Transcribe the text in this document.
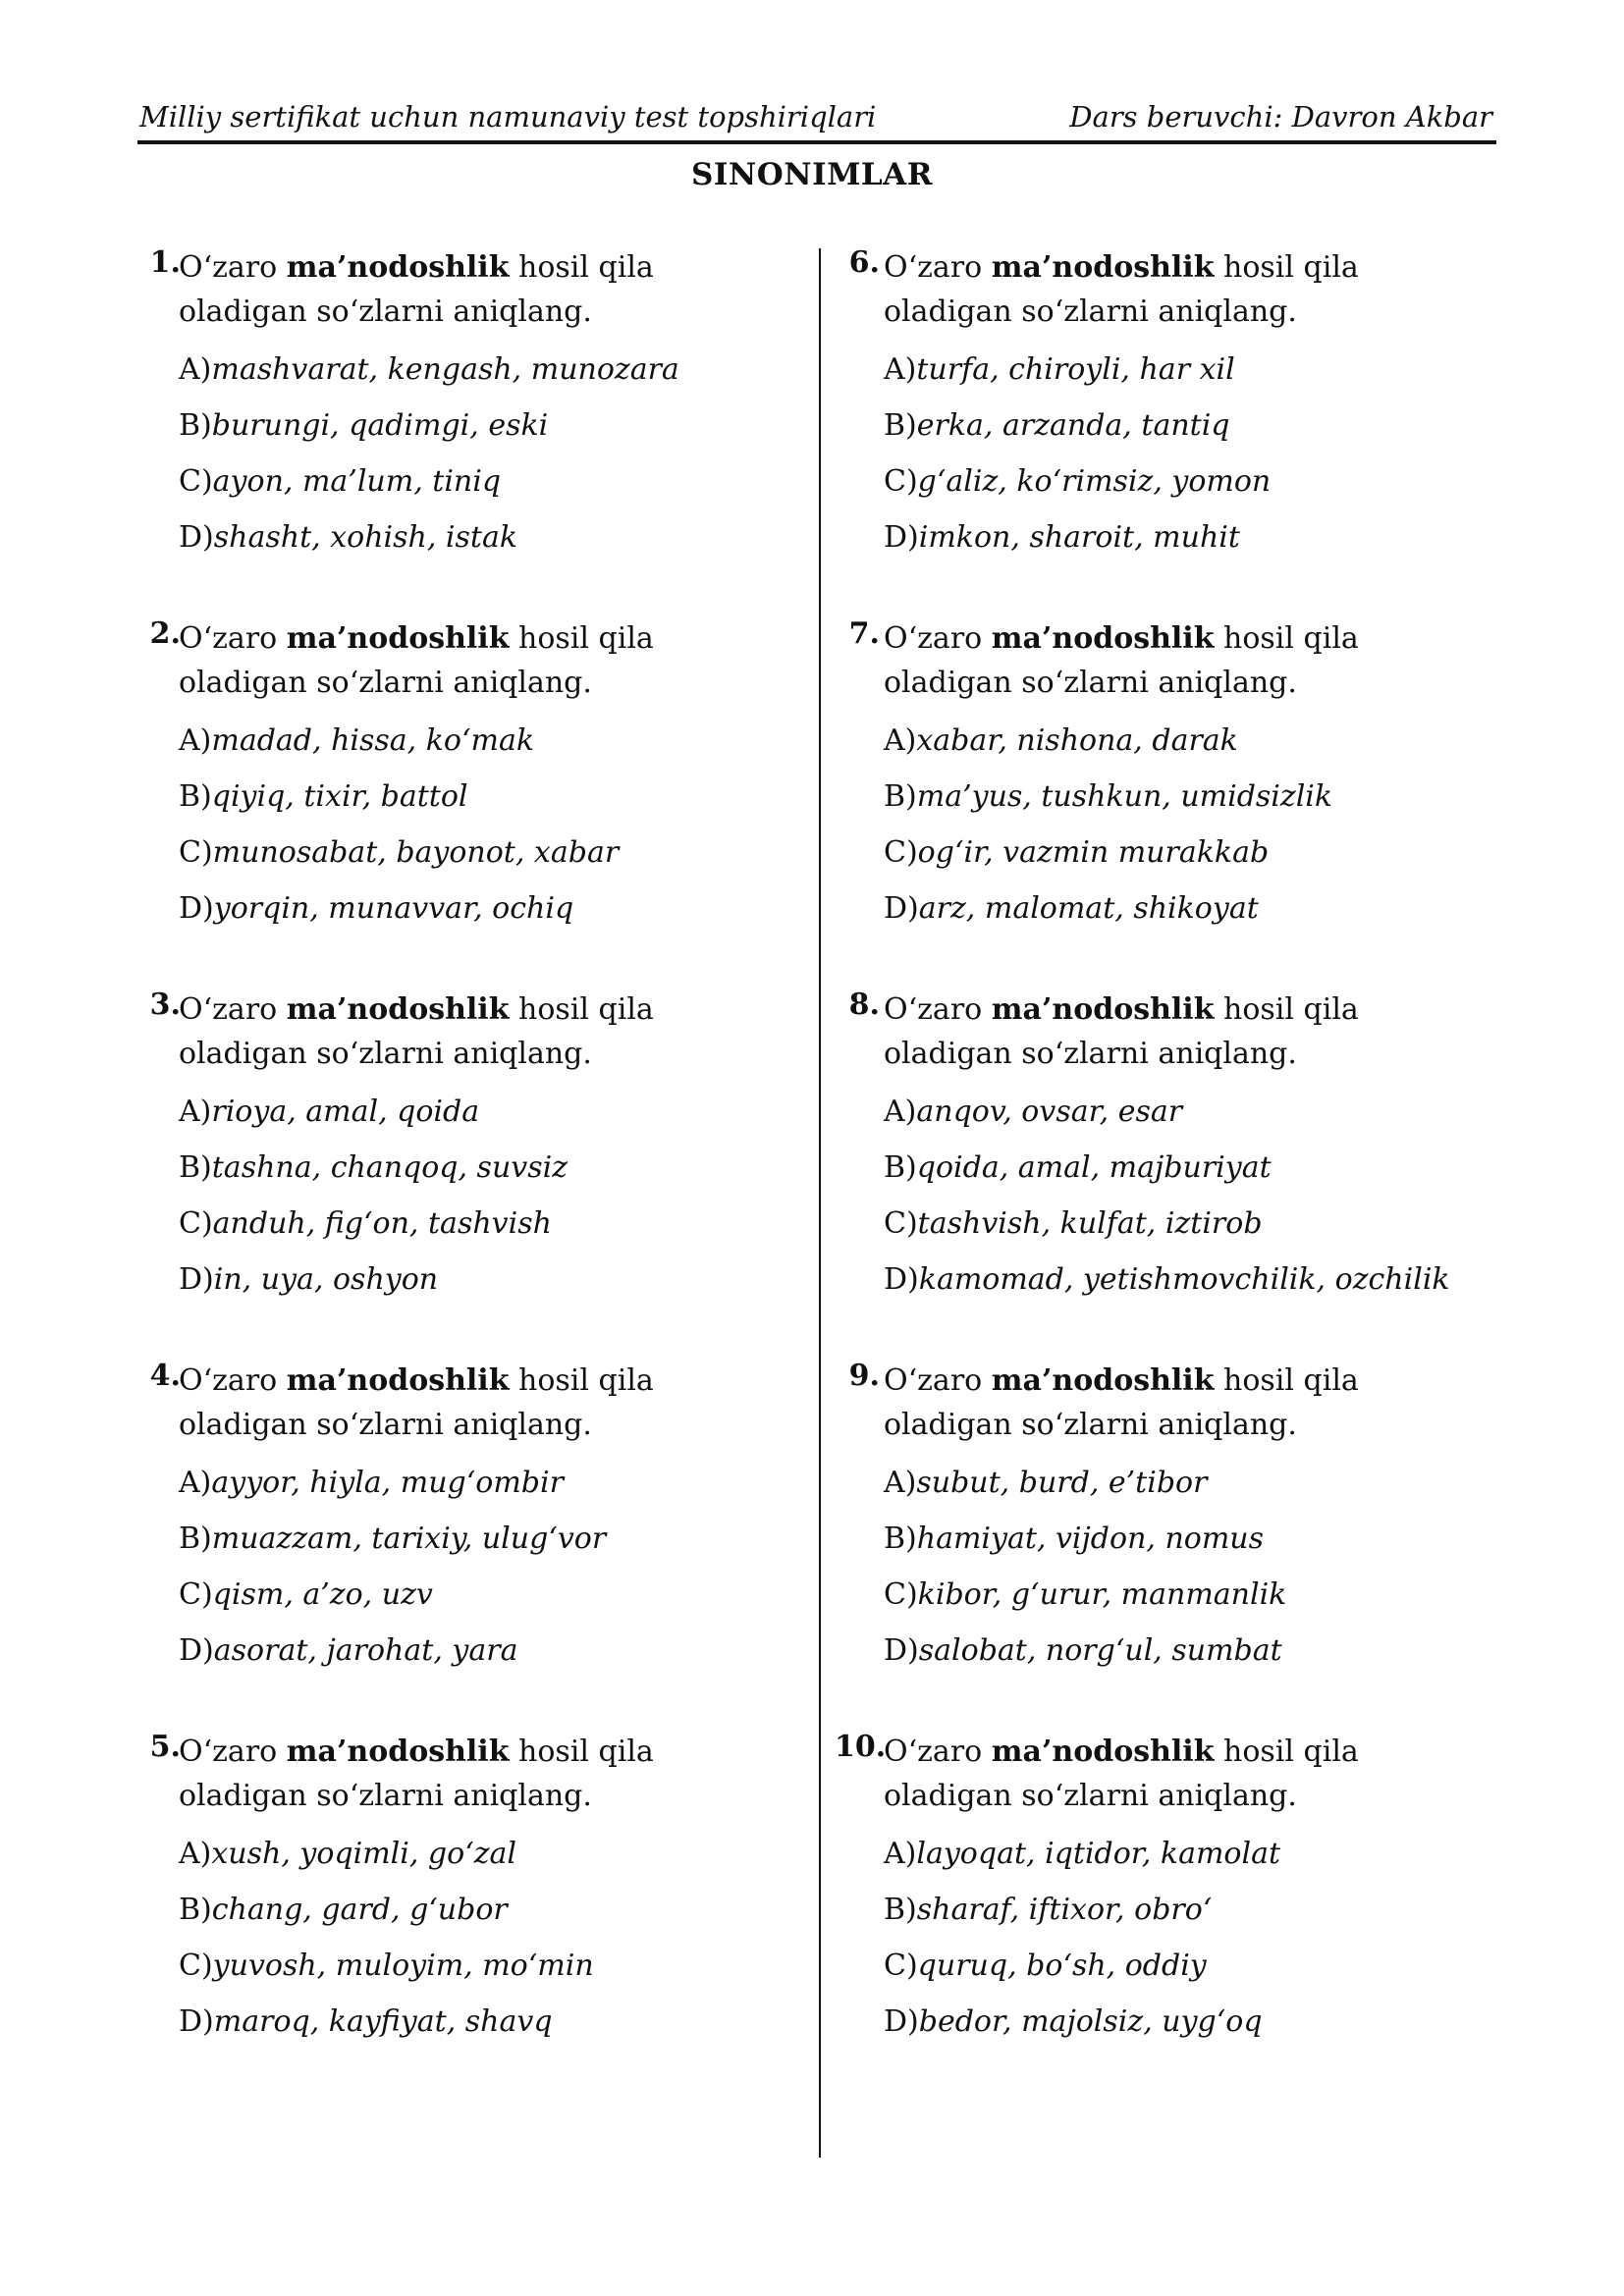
Milliy sertifikat uchun namunaviy test topshiriqlari	Dars beruvchi: Davron Akbar
SINONIMLAR
1.
O‘zaro ma’nodoshlik hosil qila oladigan so‘zlarni aniqlang.
A)mashvarat, kengash, munozara
B)burungi, qadimgi, eski
C)ayon, ma’lum, tiniq
D)shasht, xohish, istak
2.
O‘zaro ma’nodoshlik hosil qila oladigan so‘zlarni aniqlang.
A)madad, hissa, ko‘mak
B)qiyiq, tixir, battol
C)munosabat, bayonot, xabar
D)yorqin, munavvar, ochiq
3.
O‘zaro ma’nodoshlik hosil qila oladigan so‘zlarni aniqlang.
A)rioya, amal, qoida
B)tashna, chanqoq, suvsiz
C)anduh, fig‘on, tashvish
D)in, uya, oshyon
4.
O‘zaro ma’nodoshlik hosil qila oladigan so‘zlarni aniqlang.
A)ayyor, hiyla, mug‘ombir
B)muazzam, tarixiy, ulug‘vor
C)qism, a’zo, uzv
D)asorat, jarohat, yara
5.
O‘zaro ma’nodoshlik hosil qila oladigan so‘zlarni aniqlang.
A)xush, yoqimli, go‘zal
B)chang, gard, g‘ubor
C)yuvosh, muloyim, mo‘min
D)maroq, kayfiyat, shavq
6. O‘zaro ma’nodoshlik hosil qila oladigan so‘zlarni aniqlang.
A)turfa, chiroyli, har xil
B)erka, arzanda, tantiq
C)g‘aliz, ko‘rimsiz, yomon
D)imkon, sharoit, muhit
7. O‘zaro ma’nodoshlik hosil qila oladigan so‘zlarni aniqlang.
A)xabar, nishona, darak
B)ma’yus, tushkun, umidsizlik
C)og‘ir, vazmin murakkab
D)arz, malomat, shikoyat
8. O‘zaro ma’nodoshlik hosil qila oladigan so‘zlarni aniqlang.
A)anqov, ovsar, esar
B)qoida, amal, majburiyat
C)tashvish, kulfat, iztirob
D)kamomad, yetishmovchilik, ozchilik
9. O‘zaro ma’nodoshlik hosil qila oladigan so‘zlarni aniqlang.
A)subut, burd, e’tibor
B)hamiyat, vijdon, nomus
C)kibor, g‘urur, manmanlik
D)salobat, norg‘ul, sumbat
10.
O‘zaro ma’nodoshlik hosil qila oladigan so‘zlarni aniqlang.
A)layoqat, iqtidor, kamolat
B)sharaf, iftixor, obro‘
C)quruq, bo‘sh, oddiy
D)bedor, majolsiz, uyg‘oq
